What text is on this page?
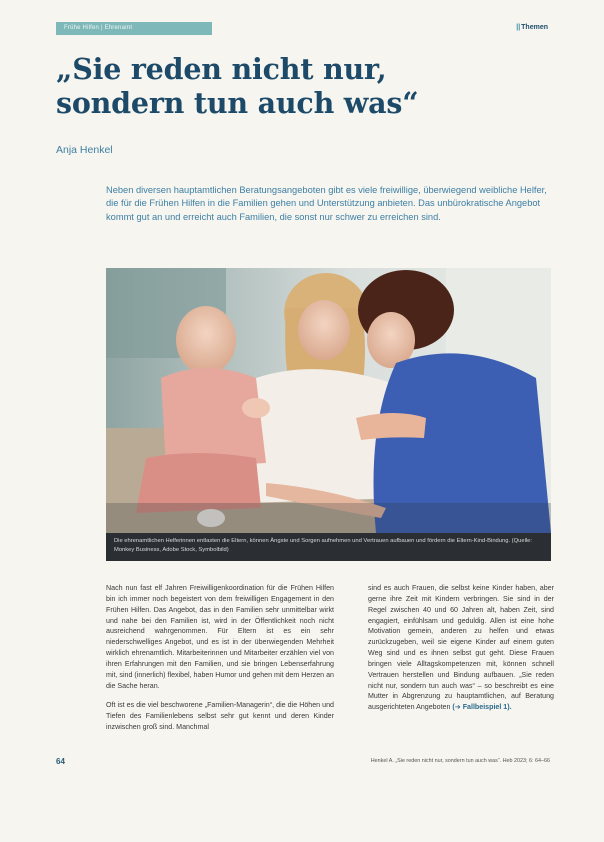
Frühe Hilfen | Ehrenamt	||Themen
„Sie reden nicht nur,
sondern tun auch was“
Anja Henkel

Neben diversen hauptamtlichen Beratungsangeboten gibt es viele freiwillige, überwiegend weibliche Helfer, die für die Frühen Hilfen in die Familien gehen und Unterstützung anbieten. Das unbürokratische Angebot kommt gut an und erreicht auch Familien, die sonst nur schwer zu erreichen sind.

Die ehrenamtlichen Helferinnen entlasten die Eltern, können Ängste und Sorgen aufnehmen und Vertrauen aufbauen und fördern die Eltern-Kind-Bindung. (Quelle: Monkey Business, Adobe Stock, Symbolbild)

Nach nun fast elf Jahren Freiwilligenkoordination für die Frühen Hilfen bin ich immer noch begeistert von dem freiwilligen Engagement in den Frühen Hilfen. Das Angebot, das in den Familien sehr unmittelbar wirkt und nahe bei den Familien ist, wird in der Öffentlichkeit noch nicht ausreichend wahrgenommen. Für Eltern ist es ein sehr niederschwelliges Angebot, und es ist in der überwiegenden Mehrheit wirklich ehrenamtlich. Mitarbeiterinnen und Mitarbeiter erzählen viel von ihren Erfahrungen mit den Familien, und sie bringen Lebenserfahrung mit, sind (innerlich) flexibel, haben Humor und gehen mit dem Herzen an die Sache heran.

Oft ist es die viel beschworene „Familien-Managerin“, die die Höhen und Tiefen des Familienlebens selbst sehr gut kennt und deren Kinder inzwischen groß sind. Manchmal

sind es auch Frauen, die selbst keine Kinder haben, aber gerne ihre Zeit mit Kindern verbringen. Sie sind in der Regel zwischen 40 und 60 Jahren alt, haben Zeit, sind engagiert, einfühlsam und geduldig. Allen ist eine hohe Motivation gemein, anderen zu helfen und etwas zurückzugeben, weil sie eigene Kinder auf einem guten Weg sind und es ihnen selbst gut geht. Diese Frauen bringen viele Alltagskompetenzen mit, können schnell Vertrauen herstellen und Bindung aufbauen. „Sie reden nicht nur, sondern tun auch was“ – so beschreibt es eine Mutter in Abgrenzung zu hauptamtlichen, auf Beratung ausgerichteten Angeboten (➔ Fallbeispiel 1).

64	Henkel A. „Sie reden nicht nur, sondern tun auch was“. Heb 2023; 6: 64–66
